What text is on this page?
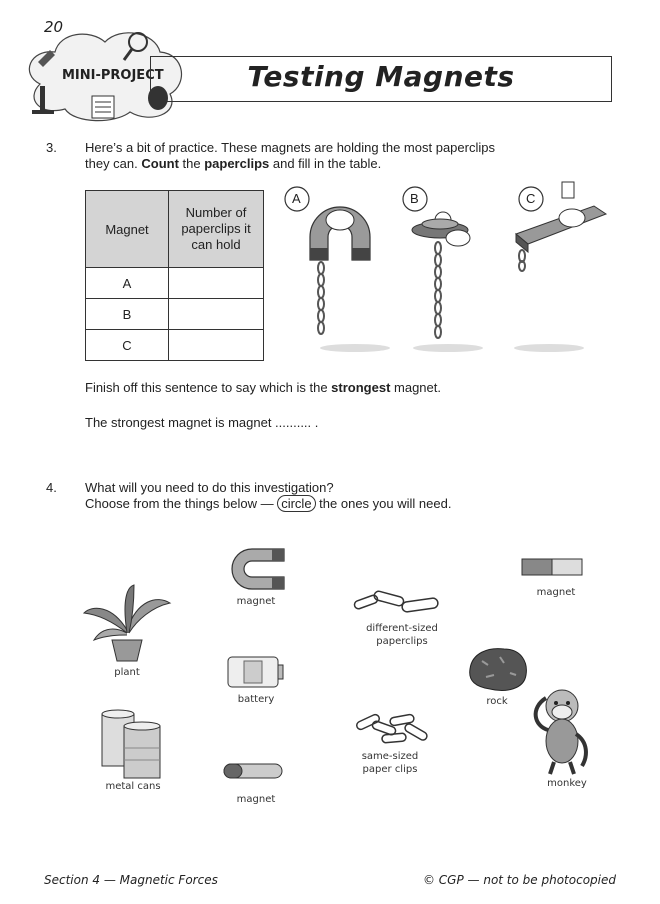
20
MINI-PROJECT	Testing Magnets
3. Here’s a bit of practice. These magnets are holding the most paperclips
they can. Count the paperclips and fill in the table.
Magnet	Number of paperclips it can hold
A	
B	
C	
A	B	C
Finish off this sentence to say which is the strongest magnet.
The strongest magnet is magnet .......... .
4. What will you need to do this investigation?
Choose from the things below — circle the ones you will need.
plant
magnet
battery
metal cans
magnet
different-sized paperclips
same-sized paper clips
magnet
rock
monkey
Section 4 — Magnetic Forces	© CGP — not to be photocopied
